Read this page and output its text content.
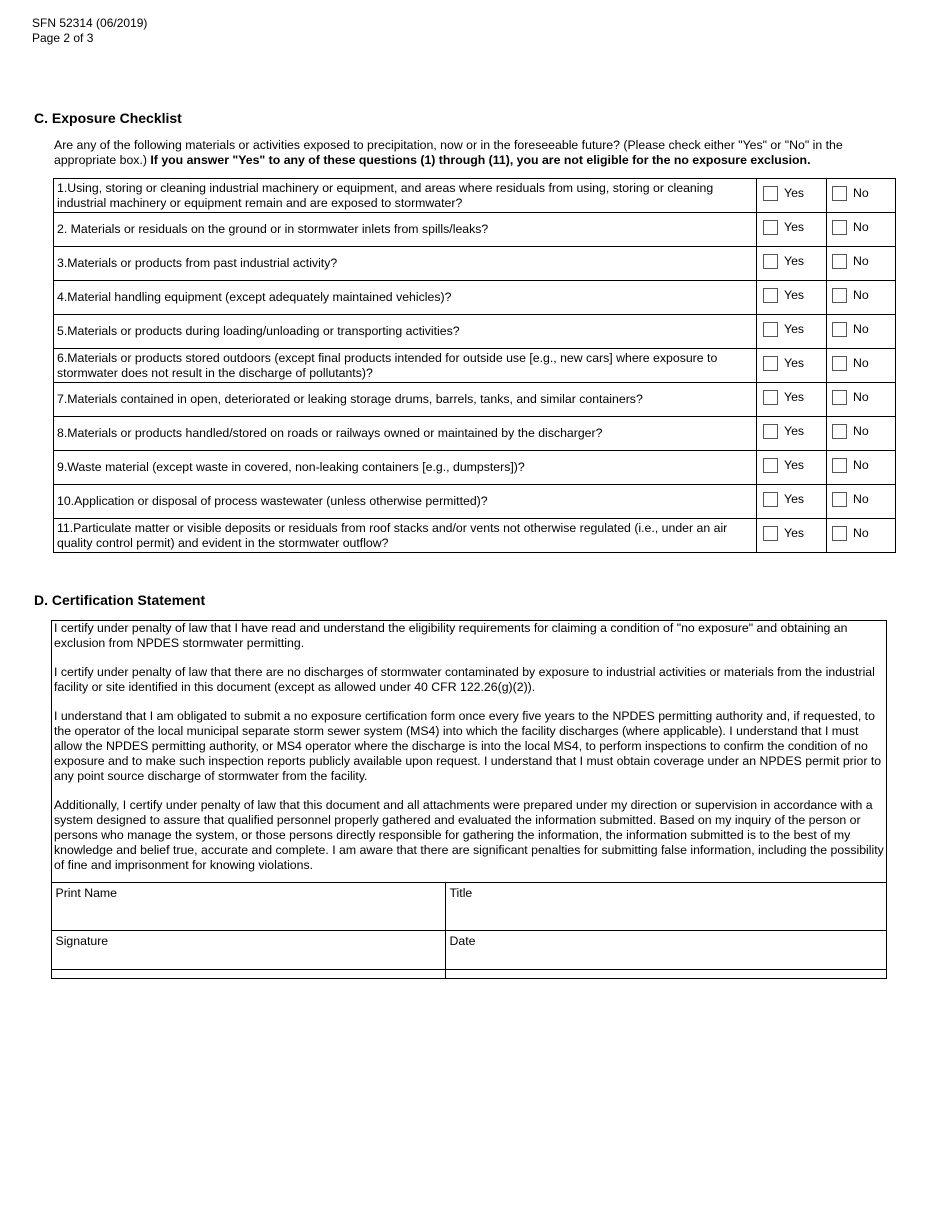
SFN 52314 (06/2019)
Page 2 of 3
C. Exposure Checklist
Are any of the following materials or activities exposed to precipitation, now or in the foreseeable future? (Please check either "Yes" or "No" in the appropriate box.) If you answer "Yes" to any of these questions (1) through (11), you are not eligible for the no exposure exclusion.
1.Using, storing or cleaning industrial machinery or equipment, and areas where residuals from using, storing or cleaning industrial machinery or equipment remain and are exposed to stormwater?	Yes	No

2. Materials or residuals on the ground or in stormwater inlets from spills/leaks?	Yes	No

3.Materials or products from past industrial activity?	Yes	No

4.Material handling equipment (except adequately maintained vehicles)?	Yes	No

5.Materials or products during loading/unloading or transporting activities?	Yes	No

6.Materials or products stored outdoors (except final products intended for outside use [e.g., new cars] where exposure to stormwater does not result in the discharge of pollutants)?	Yes	No

7.Materials contained in open, deteriorated or leaking storage drums, barrels, tanks, and similar containers?	Yes	No

8.Materials or products handled/stored on roads or railways owned or maintained by the discharger?	Yes	No

9.Waste material (except waste in covered, non-leaking containers [e.g., dumpsters])?	Yes	No

10.Application or disposal of process wastewater (unless otherwise permitted)?	Yes	No

11.Particulate matter or visible deposits or residuals from roof stacks and/or vents not otherwise regulated (i.e., under an air quality control permit) and evident in the stormwater outflow?	Yes	No
D. Certification Statement

I certify under penalty of law that I have read and understand the eligibility requirements for claiming a condition of "no exposure" and obtaining an exclusion from NPDES stormwater permitting.

I certify under penalty of law that there are no discharges of stormwater contaminated by exposure to industrial activities or materials from the industrial facility or site identified in this document (except as allowed under 40 CFR 122.26(g)(2)).

I understand that I am obligated to submit a no exposure certification form once every five years to the NPDES permitting authority and, if requested, to the operator of the local municipal separate storm sewer system (MS4) into which the facility discharges (where applicable). I understand that I must allow the NPDES permitting authority, or MS4 operator where the discharge is into the local MS4, to perform inspections to confirm the condition of no exposure and to make such inspection reports publicly available upon request. I understand that I must obtain coverage under an NPDES permit prior to any point source discharge of stormwater from the facility.

Additionally, I certify under penalty of law that this document and all attachments were prepared under my direction or supervision in accordance with a system designed to assure that qualified personnel properly gathered and evaluated the information submitted. Based on my inquiry of the person or persons who manage the system, or those persons directly responsible for gathering the information, the information submitted is to the best of my knowledge and belief true, accurate and complete. I am aware that there are significant penalties for submitting false information, including the possibility of fine and imprisonment for knowing violations.

Print Name	Title
Signature	Date
